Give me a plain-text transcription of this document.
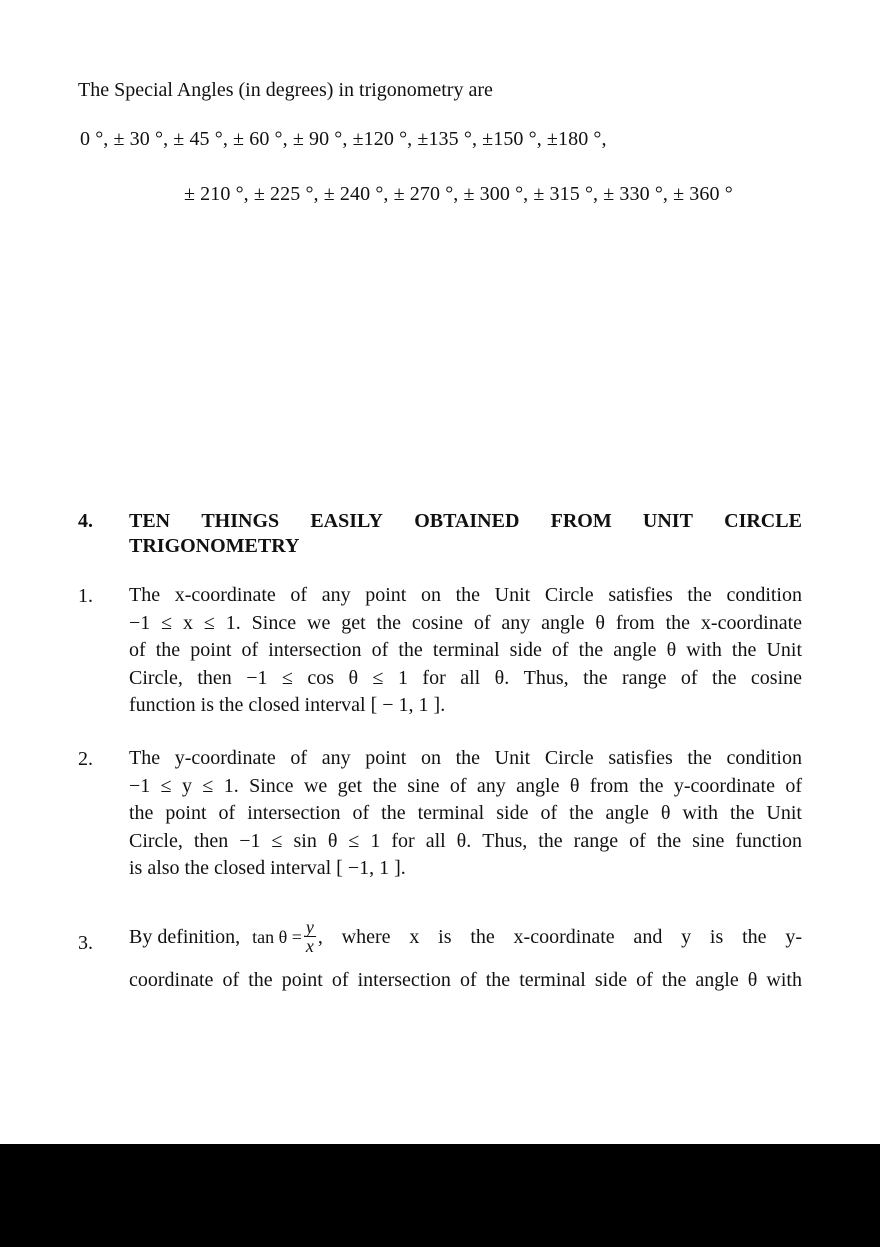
The Special Angles (in degrees) in trigonometry are
0 °, ± 30 °, ± 45 °, ± 60 °, ± 90 °, ±120 °, ±135 °, ±150 °, ±180 °,
± 210 °, ± 225 °, ± 240 °, ± 270 °, ± 300 °, ± 315 °, ± 330 °, ± 360 °
4. TEN THINGS EASILY OBTAINED FROM UNIT CIRCLE
TRIGONOMETRY
1. The x-coordinate of any point on the Unit Circle satisfies the condition
−1 ≤ x ≤ 1. Since we get the cosine of any angle θ from the x-coordinate
of the point of intersection of the terminal side of the angle θ with the Unit
Circle, then −1 ≤ cos θ ≤ 1 for all θ. Thus, the range of the cosine
function is the closed interval [ − 1, 1 ].
2. The y-coordinate of any point on the Unit Circle satisfies the condition
−1 ≤ y ≤ 1. Since we get the sine of any angle θ from the y-coordinate of
the point of intersection of the terminal side of the angle θ with the Unit
Circle, then −1 ≤ sin θ ≤ 1 for all θ. Thus, the range of the sine function
is also the closed interval [ −1, 1 ].
3. By definition, $\tan \theta = \frac{y}{x}$ , where x is the x-coordinate and y is the y-
coordinate of the point of intersection of the terminal side of the angle θ with
